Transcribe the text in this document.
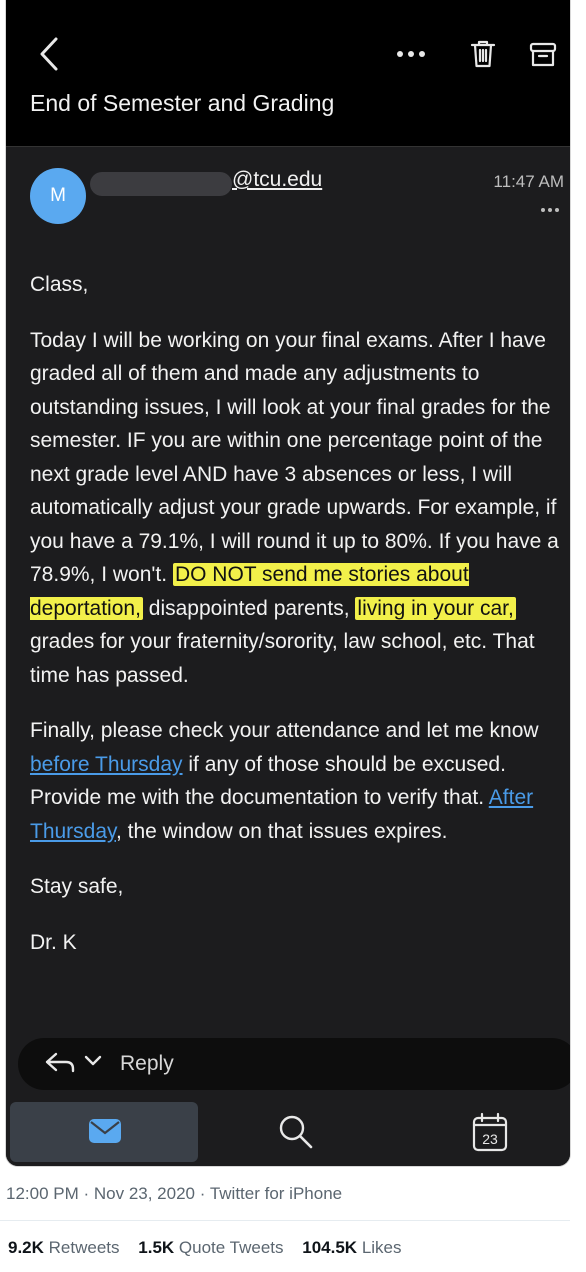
End of Semester and Grading
M
@tcu.edu	11:47 AM

Class,

Today I will be working on your final exams. After I have graded all of them and made any adjustments to outstanding issues, I will look at your final grades for the semester. IF you are within one percentage point of the next grade level AND have 3 absences or less, I will automatically adjust your grade upwards. For example, if you have a 79.1%, I will round it up to 80%. If you have a 78.9%, I won't. DO NOT send me stories about deportation, disappointed parents, living in your car, grades for your fraternity/sorority, law school, etc. That time has passed.

Finally, please check your attendance and let me know before Thursday if any of those should be excused. Provide me with the documentation to verify that. After Thursday, the window on that issues expires.

Stay safe,

Dr. K

Reply
23
12:00 PM · Nov 23, 2020 · Twitter for iPhone
9.2K Retweets 1.5K Quote Tweets 104.5K Likes
